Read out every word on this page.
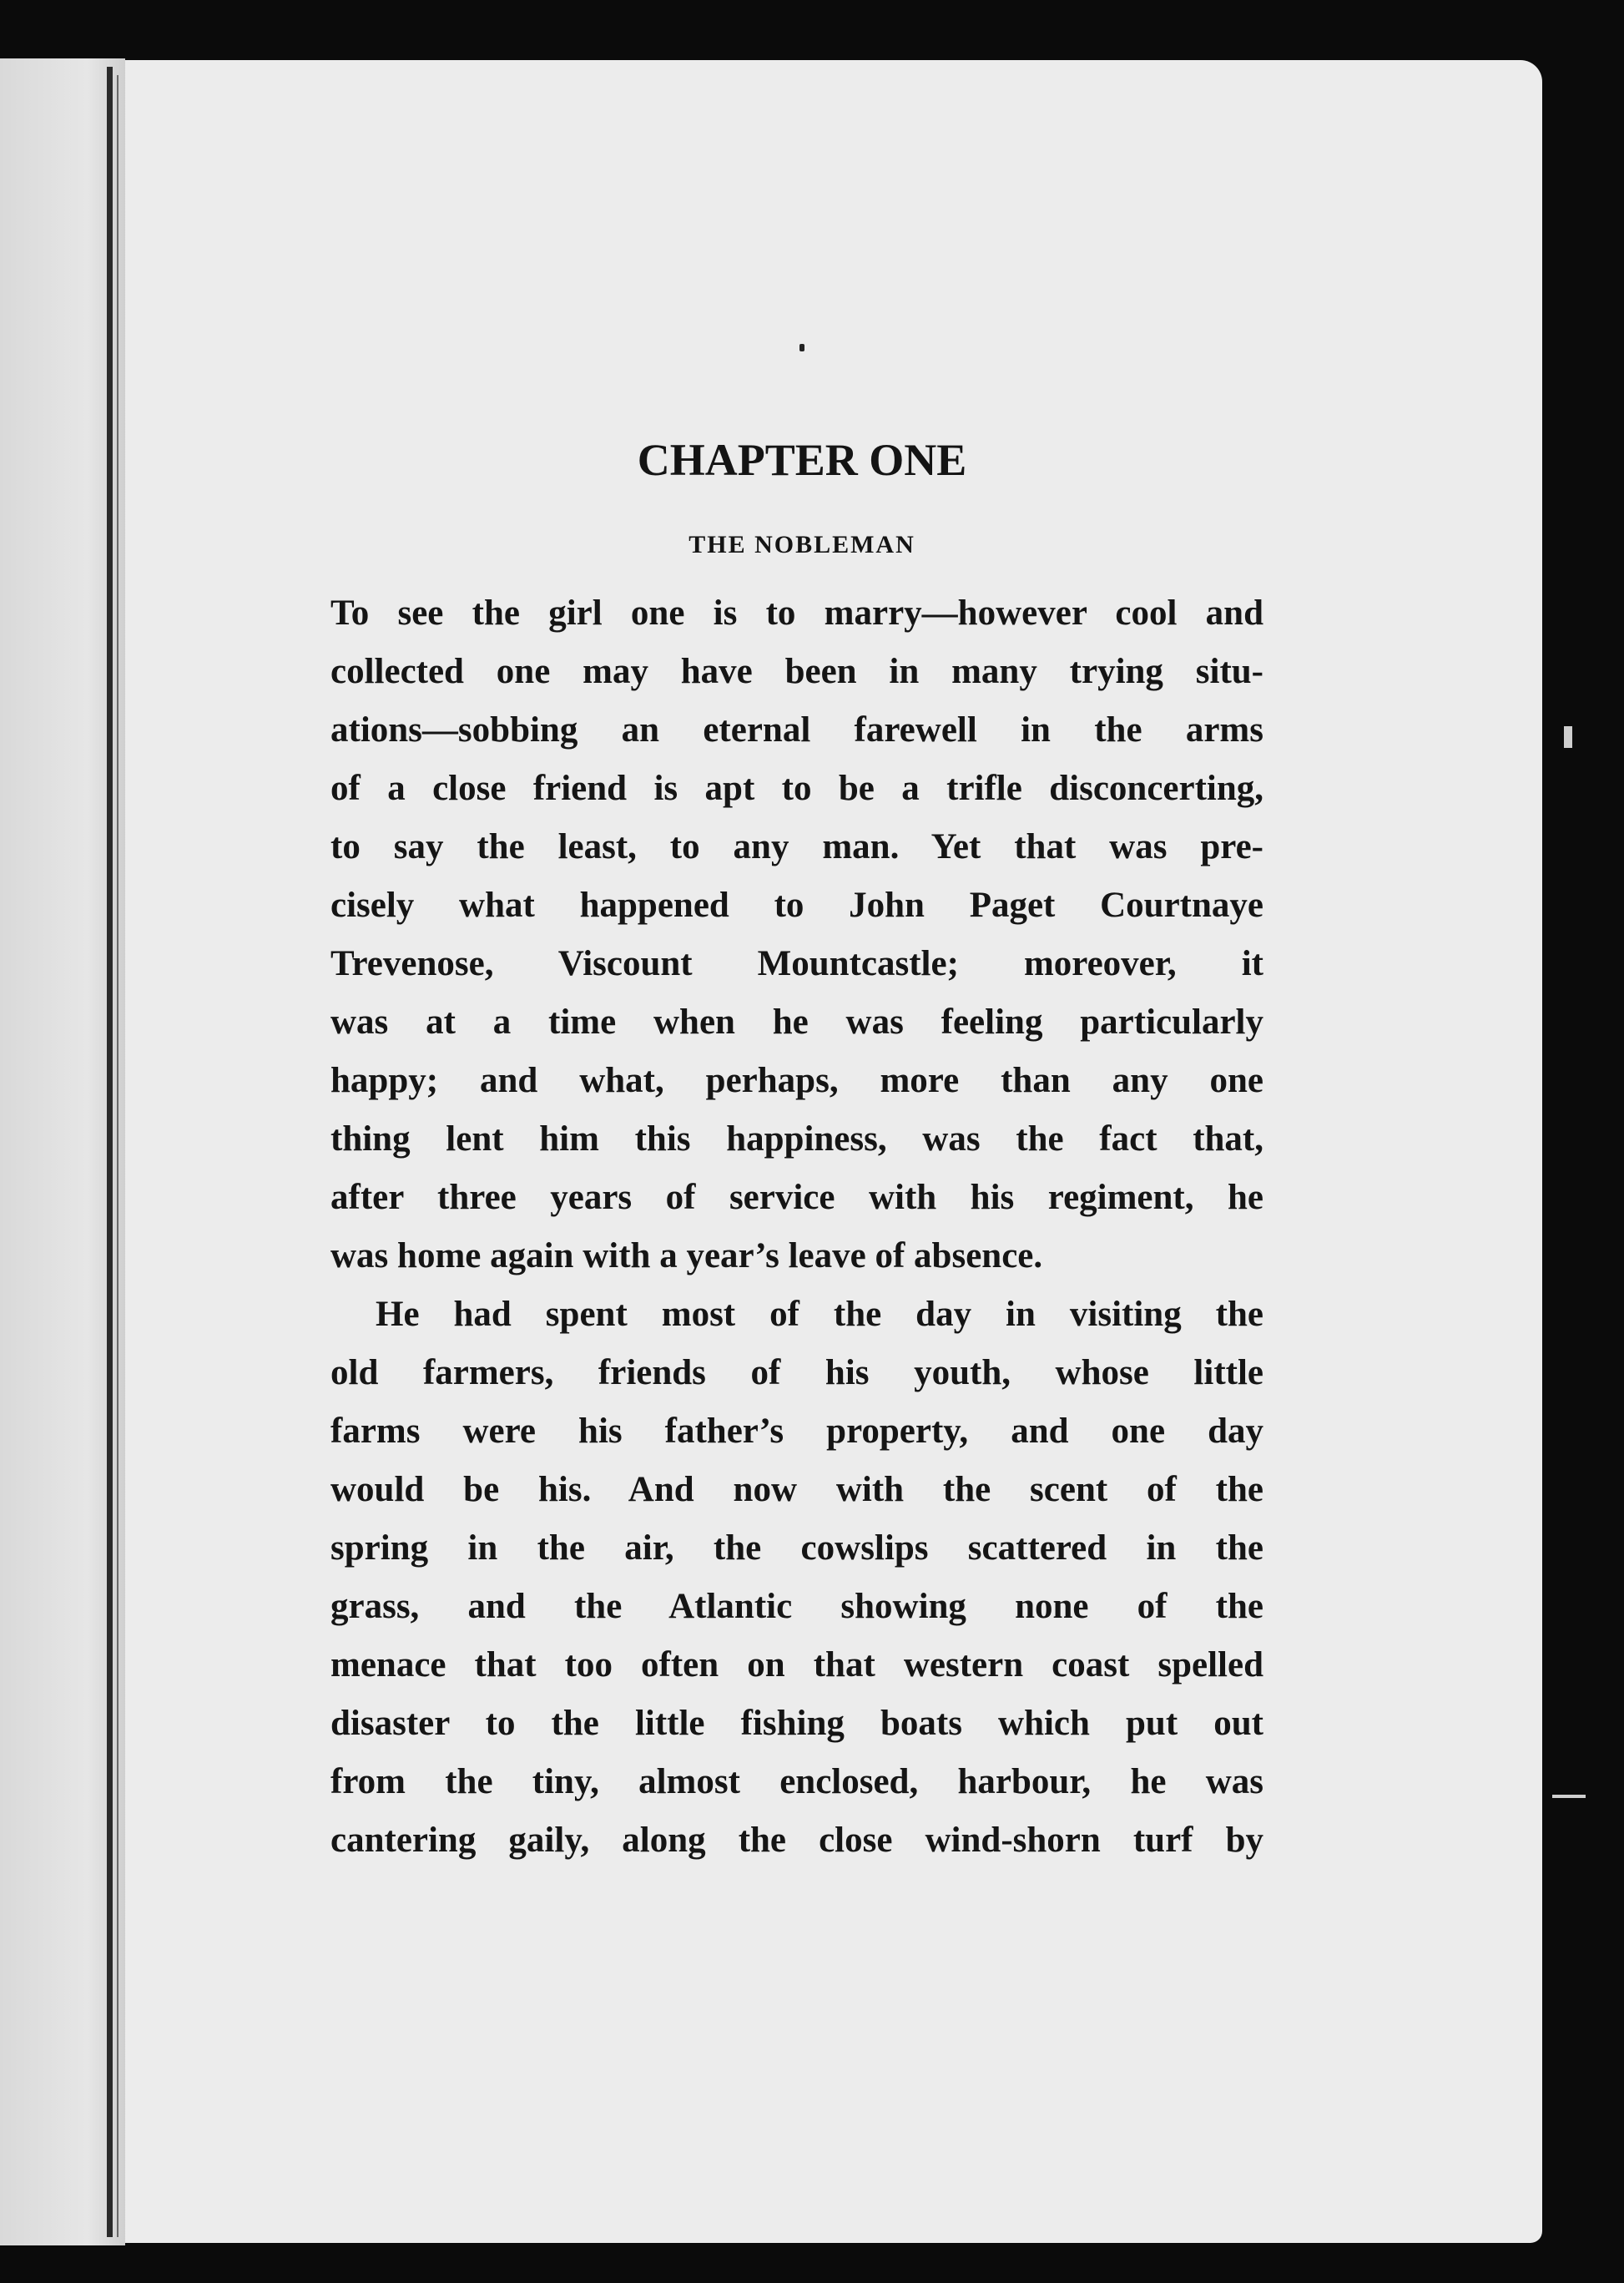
CHAPTER ONE
THE NOBLEMAN
To see the girl one is to marry—however cool and
collected one may have been in many trying situ-
ations—sobbing an eternal farewell in the arms
of a close friend is apt to be a trifle disconcerting,
to say the least, to any man. Yet that was pre-
cisely what happened to John Paget Courtnaye
Trevenose, Viscount Mountcastle; moreover, it
was at a time when he was feeling particularly
happy; and what, perhaps, more than any one
thing lent him this happiness, was the fact that,
after three years of service with his regiment, he
was home again with a year’s leave of absence.
He had spent most of the day in visiting the
old farmers, friends of his youth, whose little
farms were his father’s property, and one day
would be his. And now with the scent of the
spring in the air, the cowslips scattered in the
grass, and the Atlantic showing none of the
menace that too often on that western coast spelled
disaster to the little fishing boats which put out
from the tiny, almost enclosed, harbour, he was
cantering gaily, along the close wind-shorn turf by
